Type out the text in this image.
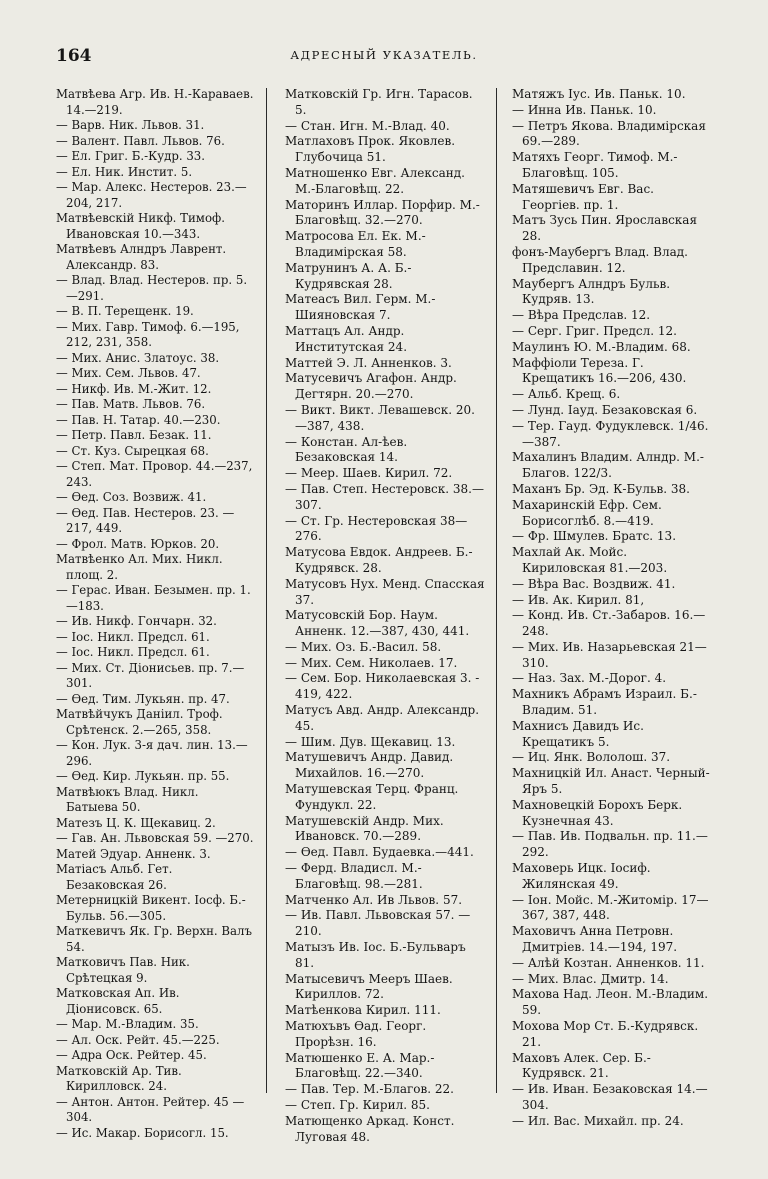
164	АДРЕСНЫЙ УКАЗАТЕЛЬ.
Матвѣева Агр. Ив. Н.-Караваев. 14.—219.
— Варв. Ник. Львов. 31.
— Валент. Павл. Львов. 76.
— Ел. Григ. Б.-Кудр. 33.
— Ел. Ник. Инстит. 5.
— Мар. Алекс. Нестеров. 23.—204, 217.
Матвѣевскій Никф. Тимоф. Ивановская 10.—343.
Матвѣевъ Алндръ Лаврент. Александр. 83.
— Влад. Влад. Нестеров. пр. 5.—291.
— В. П. Терещенк. 19.
— Мих. Гавр. Тимоф. 6.—195, 212, 231, 358.
— Мих. Анис. Златоус. 38.
— Мих. Сем. Львов. 47.
— Никф. Ив. М.-Жит. 12.
— Пав. Матв. Львов. 76.
— Пав. Н. Татар. 40.—230.
— Петр. Павл. Безак. 11.
— Ст. Куз. Сырецкая 68.
— Степ. Мат. Провор. 44.—237, 243.
— Ѳед. Соз. Возвиж. 41.
— Ѳед. Пав. Нестеров. 23. —217, 449.
— Фрол. Матв. Юрков. 20.
Матвѣенко Ал. Мих. Никл. площ. 2.
— Герас. Иван. Безымен. пр. 1.—183.
— Ив. Никф. Гончарн. 32.
— Іос. Никл. Предсл. 61.
— Іос. Никл. Предсл. 61.
— Мих. Ст. Діонисьев. пр. 7.—301.
— Ѳед. Тим. Лукьян. пр. 47.
Матвѣйчукъ Даніил. Троф. Срѣтенск. 2.—265, 358.
— Кон. Лук. 3-я дач. лин. 13.—296.
— Ѳед. Кир. Лукьян. пр. 55.
Матвѣюкъ Влад. Никл. Батыева 50.
Матезъ Ц. К. Щекавиц. 2.
— Гав. Ан. Львовская 59. —270.
Матей Эдуар. Анненк. 3.
Матіасъ Альб. Гет. Безаковская 26.
Метерницкій Викент. Іосф. Б.-Бульв. 56.—305.
Маткевичъ Як. Гр. Верхн. Валъ 54.
Матковичъ Пав. Ник. Срѣтецкая 9.
Матковская Ап. Ив. Діонисовск. 65.
— Мар. М.-Владим. 35.
— Ал. Оск. Рейт. 45.—225.
— Адра Оск. Рейтер. 45.
Матковскій Ар. Тив. Кирилловск. 24.
— Антон. Антон. Рейтер. 45 —304.
— Ис. Макар. Борисогл. 15.
Матковскій Гр. Игн. Тарасов. 5.
— Стан. Игн. М.-Влад. 40.
Матлаховъ Прок. Яковлев. Глубочица 51.
Матношенко Евг. Александ. М.-Благовѣщ. 22.
Маторинъ Иллар. Порфир. М.-Благовѣщ. 32.—270.
Матросова Ел. Ек. М.-Владимірская 58.
Матрунинъ А. А. Б.-Кудрявская 28.
Матеасъ Вил. Герм. М.-Шияновская 7.
Маттацъ Ал. Андр. Институтская 24.
Маттей Э. Л. Анненков. 3.
Матусевичъ Агафон. Андр. Дегтярн. 20.—270.
— Викт. Викт. Левашевск. 20.—387, 438.
— Констан. Ал-ѣев. Безаковская 14.
— Меер. Шаев. Кирил. 72.
— Пав. Степ. Нестеровск. 38.—307.
— Ст. Гр. Нестеровская 38—276.
Матусова Евдок. Андреев. Б.-Кудрявск. 28.
Матусовъ Нух. Менд. Спасская 37.
Матусовскій Бор. Наум. Анненк. 12.—387, 430, 441.
— Мих. Оз. Б.-Васил. 58.
— Мих. Сем. Николаев. 17.
— Сем. Бор. Николаевская 3. - 419, 422.
Матусъ Авд. Андр. Александр. 45.
— Шим. Дув. Щекавиц. 13.
Матушевичъ Андр. Давид. Михайлов. 16.—270.
Матушевская Терц. Франц. Фундукл. 22.
Матушевскій Андр. Мих. Ивановск. 70.—289.
— Ѳед. Павл. Будаевка.—441.
— Ферд. Владисл. М.-Благовѣщ. 98.—281.
Матченко Ал. Ив Львов. 57.
— Ив. Павл. Львовская 57. —210.
Матызъ Ив. Іос. Б.-Бульваръ 81.
Матысевичъ Мееръ Шаев. Кириллов. 72.
Матѣенкова Кирил. 111.
Матюхъвъ Ѳад. Георг. Прорѣзн. 16.
Матюшенко Е. А. Мар.-Благовѣщ. 22.—340.
— Пав. Тер. М.-Благов. 22.
— Степ. Гр. Кирил. 85.
Матющенко Аркад. Конст. Луговая 48.
Матяжъ Іус. Ив. Паньк. 10.
— Инна Ив. Паньк. 10.
— Петръ Якова. Владимірская 69.—289.
Матяхъ Георг. Тимоф. М.-Благовѣщ. 105.
Матяшевичъ Евг. Вас. Георгіев. пр. 1.
Матъ Зусь Пин. Ярославская 28.
фонъ-Маубергъ Влад. Влад. Предславин. 12.
Маубергъ Алндръ Бульв. Кудряв. 13.
— Вѣра Предслав. 12.
— Серг. Григ. Предсл. 12.
Маулинъ Ю. М.-Владим. 68.
Маффіоли Тереза. Г. Крещатикъ 16.—206, 430.
— Альб. Крещ. 6.
— Лунд. Іауд. Безаковская 6.
— Тер. Гауд. Фудуклевск. 1/46.—387.
Махалинъ Владим. Алндр. М.-Благов. 122/3.
Маханъ Бр. Эд. К-Бульв. 38.
Махаринскій Ефр. Сем. Борисоглѣб. 8.—419.
— Фр. Шмулев. Братс. 13.
Махлай Ак. Мойс. Кириловская 81.—203.
— Вѣра Вас. Воздвиж. 41.
— Ив. Ак. Кирил. 81,
— Конд. Ив. Ст.-Забаров. 16.—248.
— Мих. Ив. Назарьевская 21—310.
— Наз. Зах. М.-Дорог. 4.
Махникъ Абрамъ Израил. Б.-Владим. 51.
Махнисъ Давидъ Ис. Крещатикъ 5.
— Иц. Янк. Вололош. 37.
Махницкій Ил. Анаст. Черный-Яръ 5.
Махновецкій Борохъ Берк. Кузнечная 43.
— Пав. Ив. Подвальн. пр. 11.—292.
Маховерь Ицк. Іосиф. Жилянская 49.
— Іон. Мойс. М.-Житомір. 17—367, 387, 448.
Маховичъ Анна Петровн. Дмитріев. 14.—194, 197.
— Алѣй Козтан. Анненков. 11.
— Мих. Влас. Дмитр. 14.
Махова Над. Леон. М.-Владим. 59.
Мохова Мор Ст. Б.-Кудрявск. 21.
Маховъ Алек. Сер. Б.-Кудрявск. 21.
— Ив. Иван. Безаковская 14.—304.
— Ил. Вас. Михайл. пр. 24.
